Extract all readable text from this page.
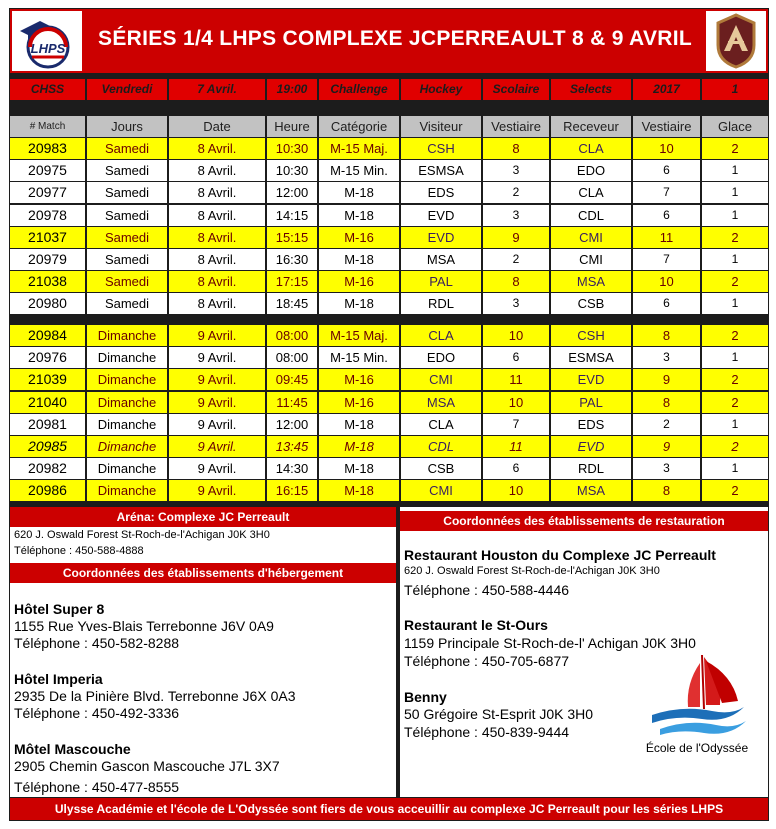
LHPS	SÉRIES 1/4 LHPS COMPLEXE JCPERREAULT 8 & 9 AVRIL
CHSS	Vendredi	7 Avril.	19:00	Challenge	Hockey	Scolaire	Selects	2017	1
# Match	Jours	Date	Heure	Catégorie	Visiteur	Vestiaire	Receveur	Vestiaire	Glace
20983	Samedi	8 Avril.	10:30	M-15 Maj.	CSH	8	CLA	10	2
20975	Samedi	8 Avril.	10:30	M-15 Min.	ESMSA	3	EDO	6	1
20977	Samedi	8 Avril.	12:00	M-18	EDS	2	CLA	7	1
20978	Samedi	8 Avril.	14:15	M-18	EVD	3	CDL	6	1
21037	Samedi	8 Avril.	15:15	M-16	EVD	9	CMI	11	2
20979	Samedi	8 Avril.	16:30	M-18	MSA	2	CMI	7	1
21038	Samedi	8 Avril.	17:15	M-16	PAL	8	MSA	10	2
20980	Samedi	8 Avril.	18:45	M-18	RDL	3	CSB	6	1
20984	Dimanche	9 Avril.	08:00	M-15 Maj.	CLA	10	CSH	8	2
20976	Dimanche	9 Avril.	08:00	M-15 Min.	EDO	6	ESMSA	3	1
21039	Dimanche	9 Avril.	09:45	M-16	CMI	11	EVD	9	2
21040	Dimanche	9 Avril.	11:45	M-16	MSA	10	PAL	8	2
20981	Dimanche	9 Avril.	12:00	M-18	CLA	7	EDS	2	1
20985	Dimanche	9 Avril.	13:45	M-18	CDL	11	EVD	9	2
20982	Dimanche	9 Avril.	14:30	M-18	CSB	6	RDL	3	1
20986	Dimanche	9 Avril.	16:15	M-18	CMI	10	MSA	8	2
Aréna: Complexe JC Perreault
620 J. Oswald Forest St-Roch-de-l'Achigan J0K 3H0
Téléphone : 450-588-4888
Coordonnées des établissements d'hébergement
Hôtel Super 8
1155 Rue Yves-Blais Terrebonne J6V 0A9
Téléphone : 450-582-8288
Hôtel Imperia
2935 De la Pinière Blvd. Terrebonne J6X 0A3
Téléphone : 450-492-3336
Môtel Mascouche
2905 Chemin Gascon Mascouche J7L 3X7
Téléphone : 450-477-8555
Coordonnées des établissements de restauration
Restaurant Houston du Complexe JC Perreault
620 J. Oswald Forest St-Roch-de-l'Achigan J0K 3H0
Téléphone : 450-588-4446
Restaurant le St-Ours
1159 Principale St-Roch-de-l' Achigan J0K 3H0
Téléphone : 450-705-6877
Benny
50 Grégoire St-Esprit J0K 3H0
Téléphone : 450-839-9444
École de l'Odyssée
Ulysse Académie et l'école de L'Odyssée sont fiers de vous acceuillir au complexe JC Perreault pour les séries LHPS
